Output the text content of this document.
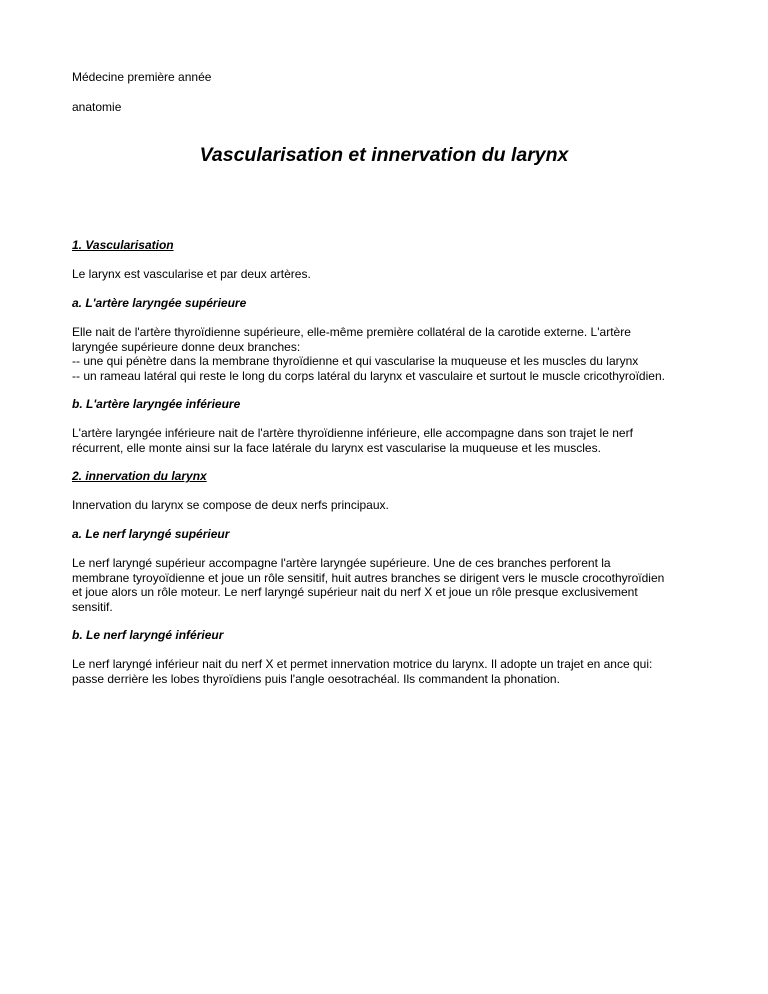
Médecine première année
anatomie
Vascularisation et innervation du larynx
1. Vascularisation
Le larynx est vascularise et par deux artères.
a. L'artère laryngée supérieure
Elle nait de l'artère thyroïdienne supérieure, elle-même première collatéral de la carotide externe. L'artère
laryngée supérieure donne deux branches:
-- une qui pénètre dans la membrane thyroïdienne et qui vascularise la muqueuse et les muscles du larynx
-- un rameau latéral qui reste le long du corps latéral du larynx et vasculaire et surtout le muscle cricothyroïdien.
b. L'artère laryngée inférieure
L'artère laryngée inférieure nait de l'artère thyroïdienne inférieure, elle accompagne dans son trajet le nerf
récurrent, elle monte ainsi sur la face latérale du larynx est vascularise la muqueuse et les muscles.
2. innervation du larynx
Innervation du larynx se compose de deux nerfs principaux.
a. Le nerf laryngé supérieur
Le nerf laryngé supérieur accompagne l'artère laryngée supérieure. Une de ces branches perforent la
membrane tyroyoïdienne et joue un rôle sensitif, huit autres branches se dirigent vers le muscle crocothyroïdien
et joue alors un rôle moteur. Le nerf laryngé supérieur nait du nerf X et joue un rôle presque exclusivement
sensitif.
b. Le nerf laryngé inférieur
Le nerf laryngé inférieur nait du nerf X et permet innervation motrice du larynx. Il adopte un trajet en ance qui:
passe derrière les lobes thyroïdiens puis l'angle oesotrachéal. Ils commandent la phonation.
